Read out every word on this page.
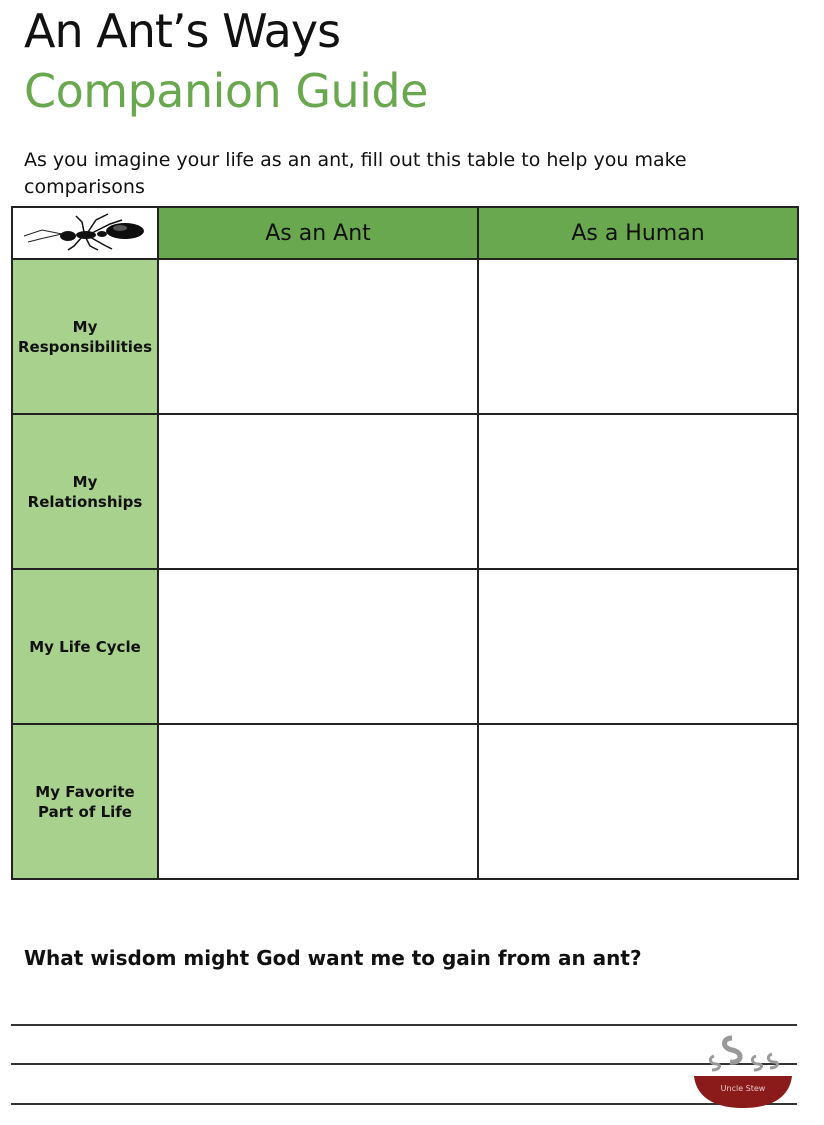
An Ant’s Ways
Companion Guide
As you imagine your life as an ant, fill out this table to help you make comparisons

	As an Ant	As a Human

My
Responsibilities		

My
Relationships		

My Life Cycle		

My Favorite
Part of Life		

What wisdom might God want me to gain from an ant?
Uncle Stew
